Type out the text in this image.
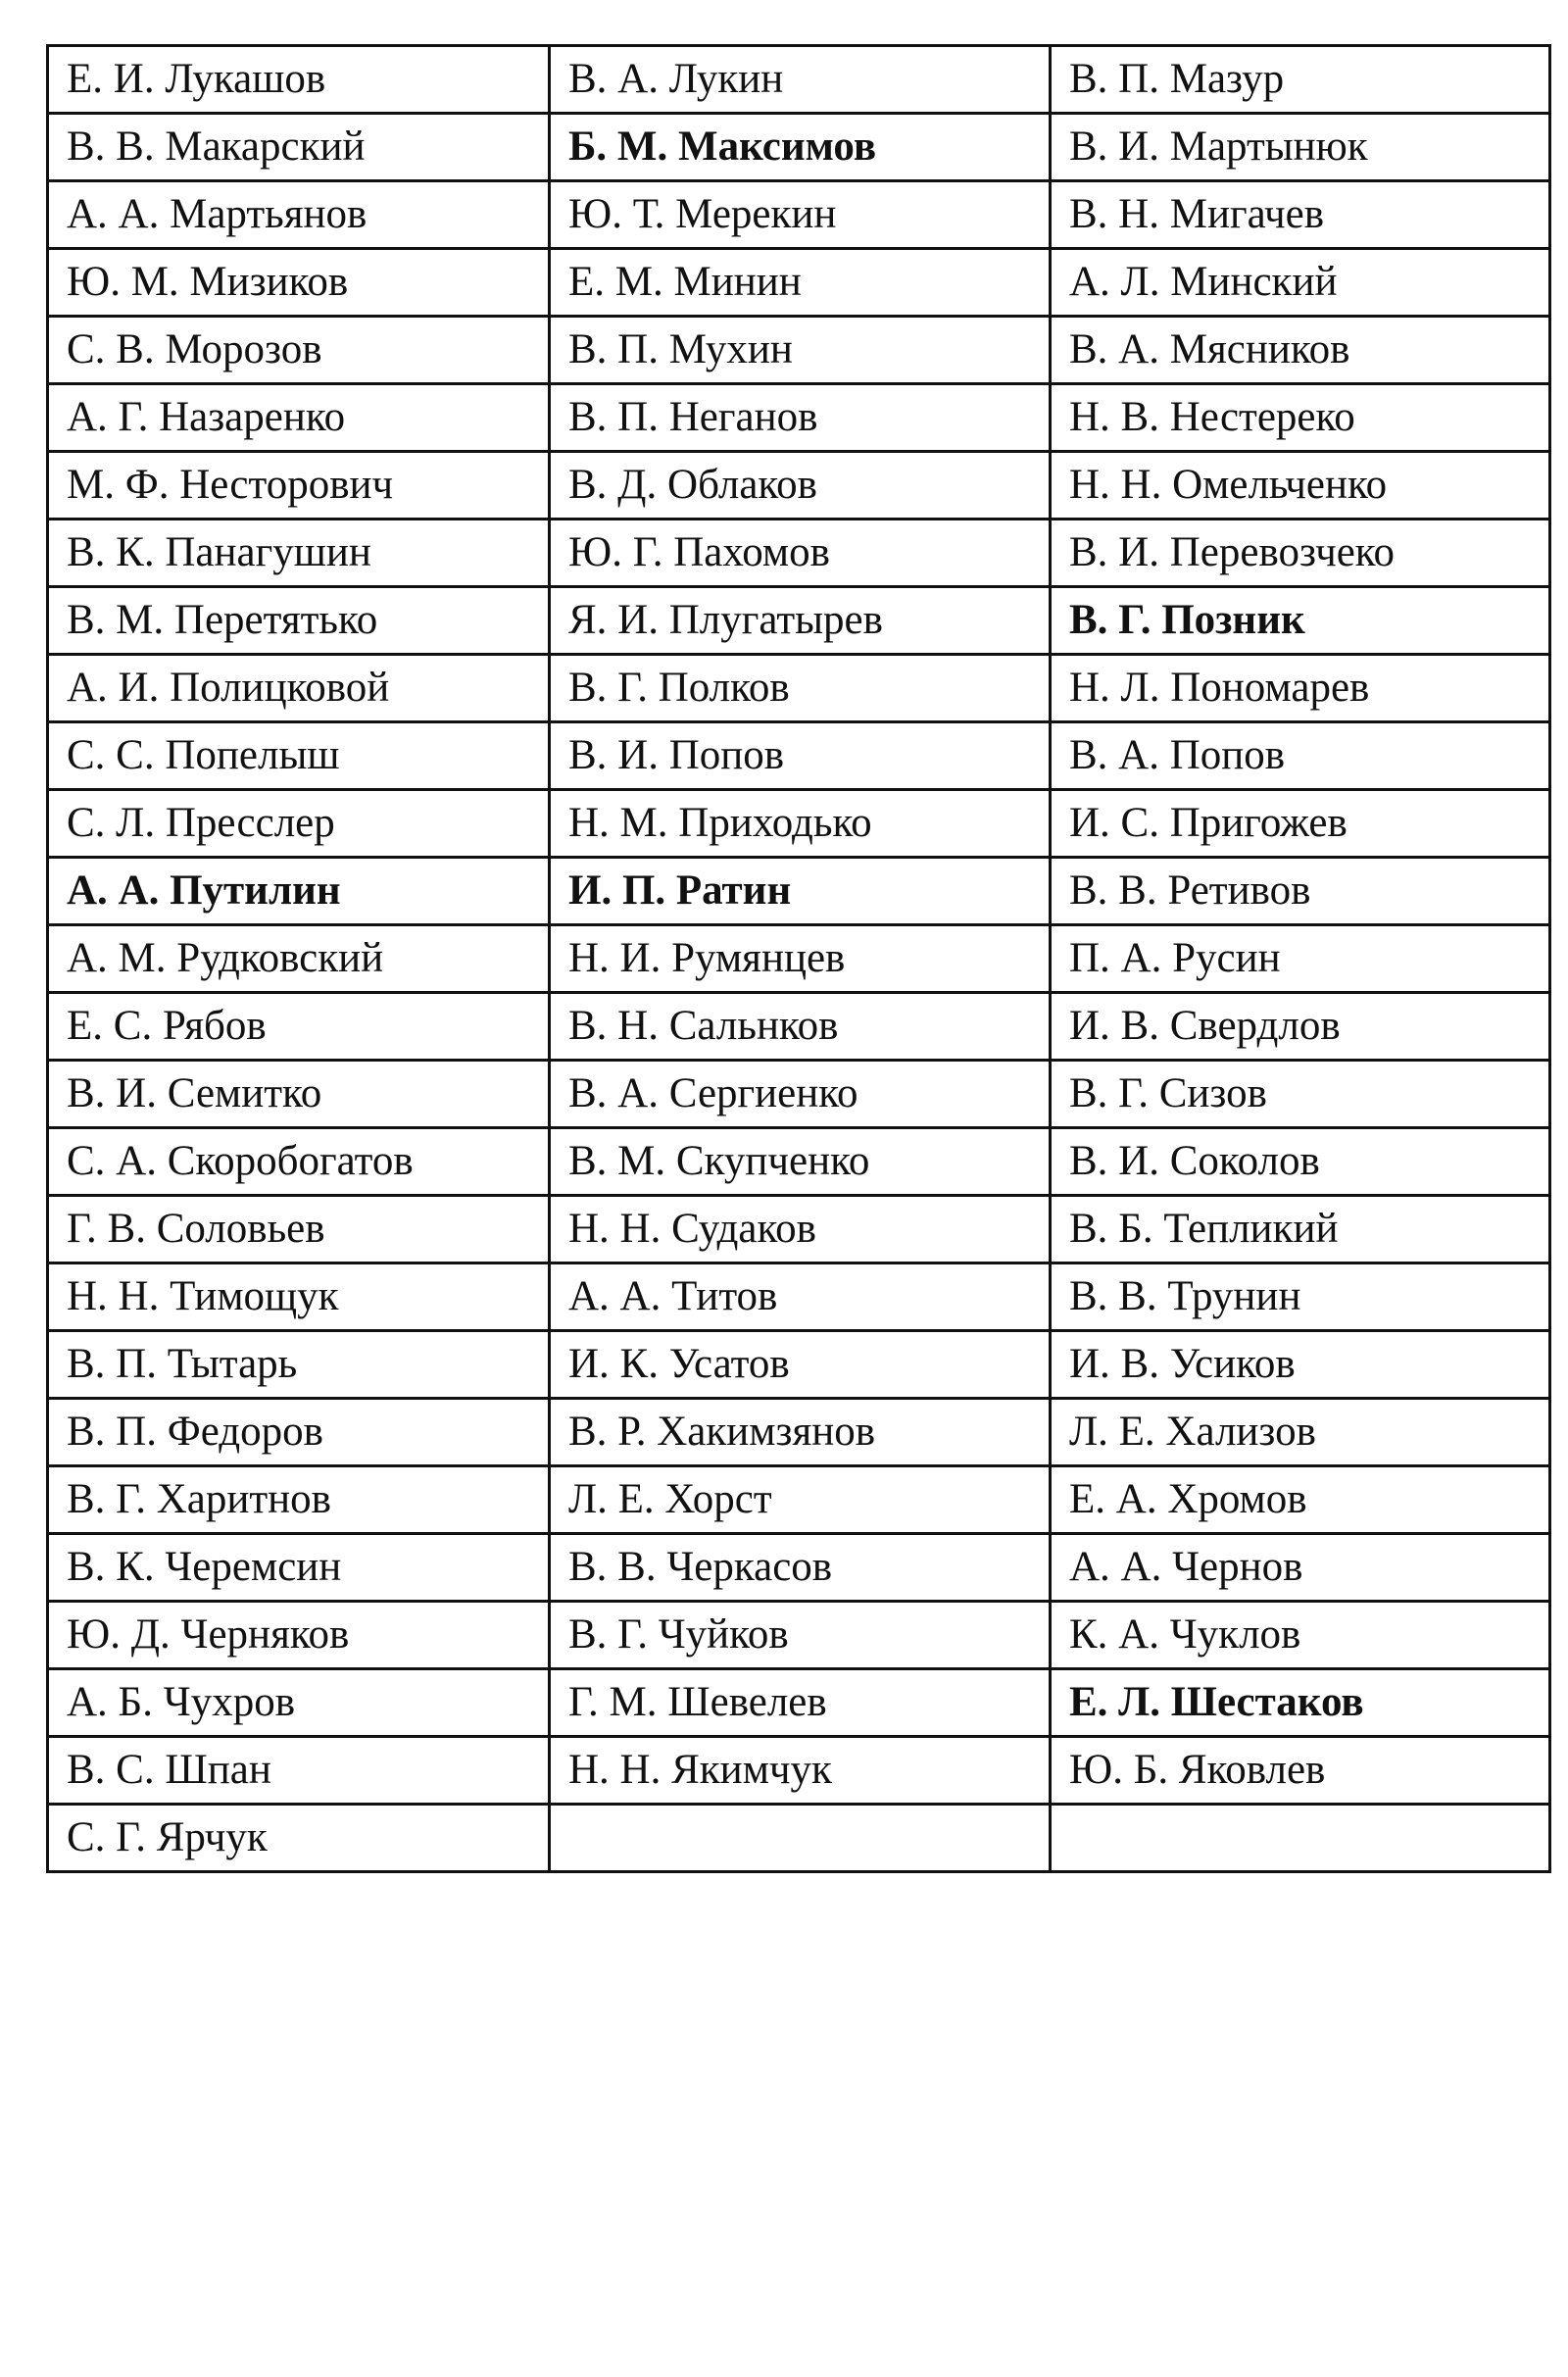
Е. И. Лукашов	В. А. Лукин	В. П. Мазур
В. В. Макарский	Б. М. Максимов	В. И. Мартынюк
А. А. Мартьянов	Ю. Т. Мерекин	В. Н. Мигачев
Ю. М. Мизиков	Е. М. Минин	А. Л. Минский
С. В. Морозов	В. П. Мухин	В. А. Мясников
А. Г. Назаренко	В. П. Неганов	Н. В. Нестереко
М. Ф. Несторович	В. Д. Облаков	Н. Н. Омельченко
В. К. Панагушин	Ю. Г. Пахомов	В. И. Перевозчеко
В. М. Перетятько	Я. И. Плугатырев	В. Г. Позник
А. И. Полицковой	В. Г. Полков	Н. Л. Пономарев
С. С. Попелыш	В. И. Попов	В. А. Попов
С. Л. Пресслер	Н. М. Приходько	И. С. Пригожев
А. А. Путилин	И. П. Ратин	В. В. Ретивов
А. М. Рудковский	Н. И. Румянцев	П. А. Русин
Е. С. Рябов	В. Н. Сальнков	И. В. Свердлов
В. И. Семитко	В. А. Сергиенко	В. Г. Сизов
С. А. Скоробогатов	В. М. Скупченко	В. И. Соколов
Г. В. Соловьев	Н. Н. Судаков	В. Б. Тепликий
Н. Н. Тимощук	А. А. Титов	В. В. Трунин
В. П. Тытарь	И. К. Усатов	И. В. Усиков
В. П. Федоров	В. Р. Хакимзянов	Л. Е. Хализов
В. Г. Харитнов	Л. Е. Хорст	Е. А. Хромов
В. К. Черемсин	В. В. Черкасов	А. А. Чернов
Ю. Д. Черняков	В. Г. Чуйков	К. А. Чуклов
А. Б. Чухров	Г. М. Шевелев	Е. Л. Шестаков
В. С. Шпан	Н. Н. Якимчук	Ю. Б. Яковлев
С. Г. Ярчук		
